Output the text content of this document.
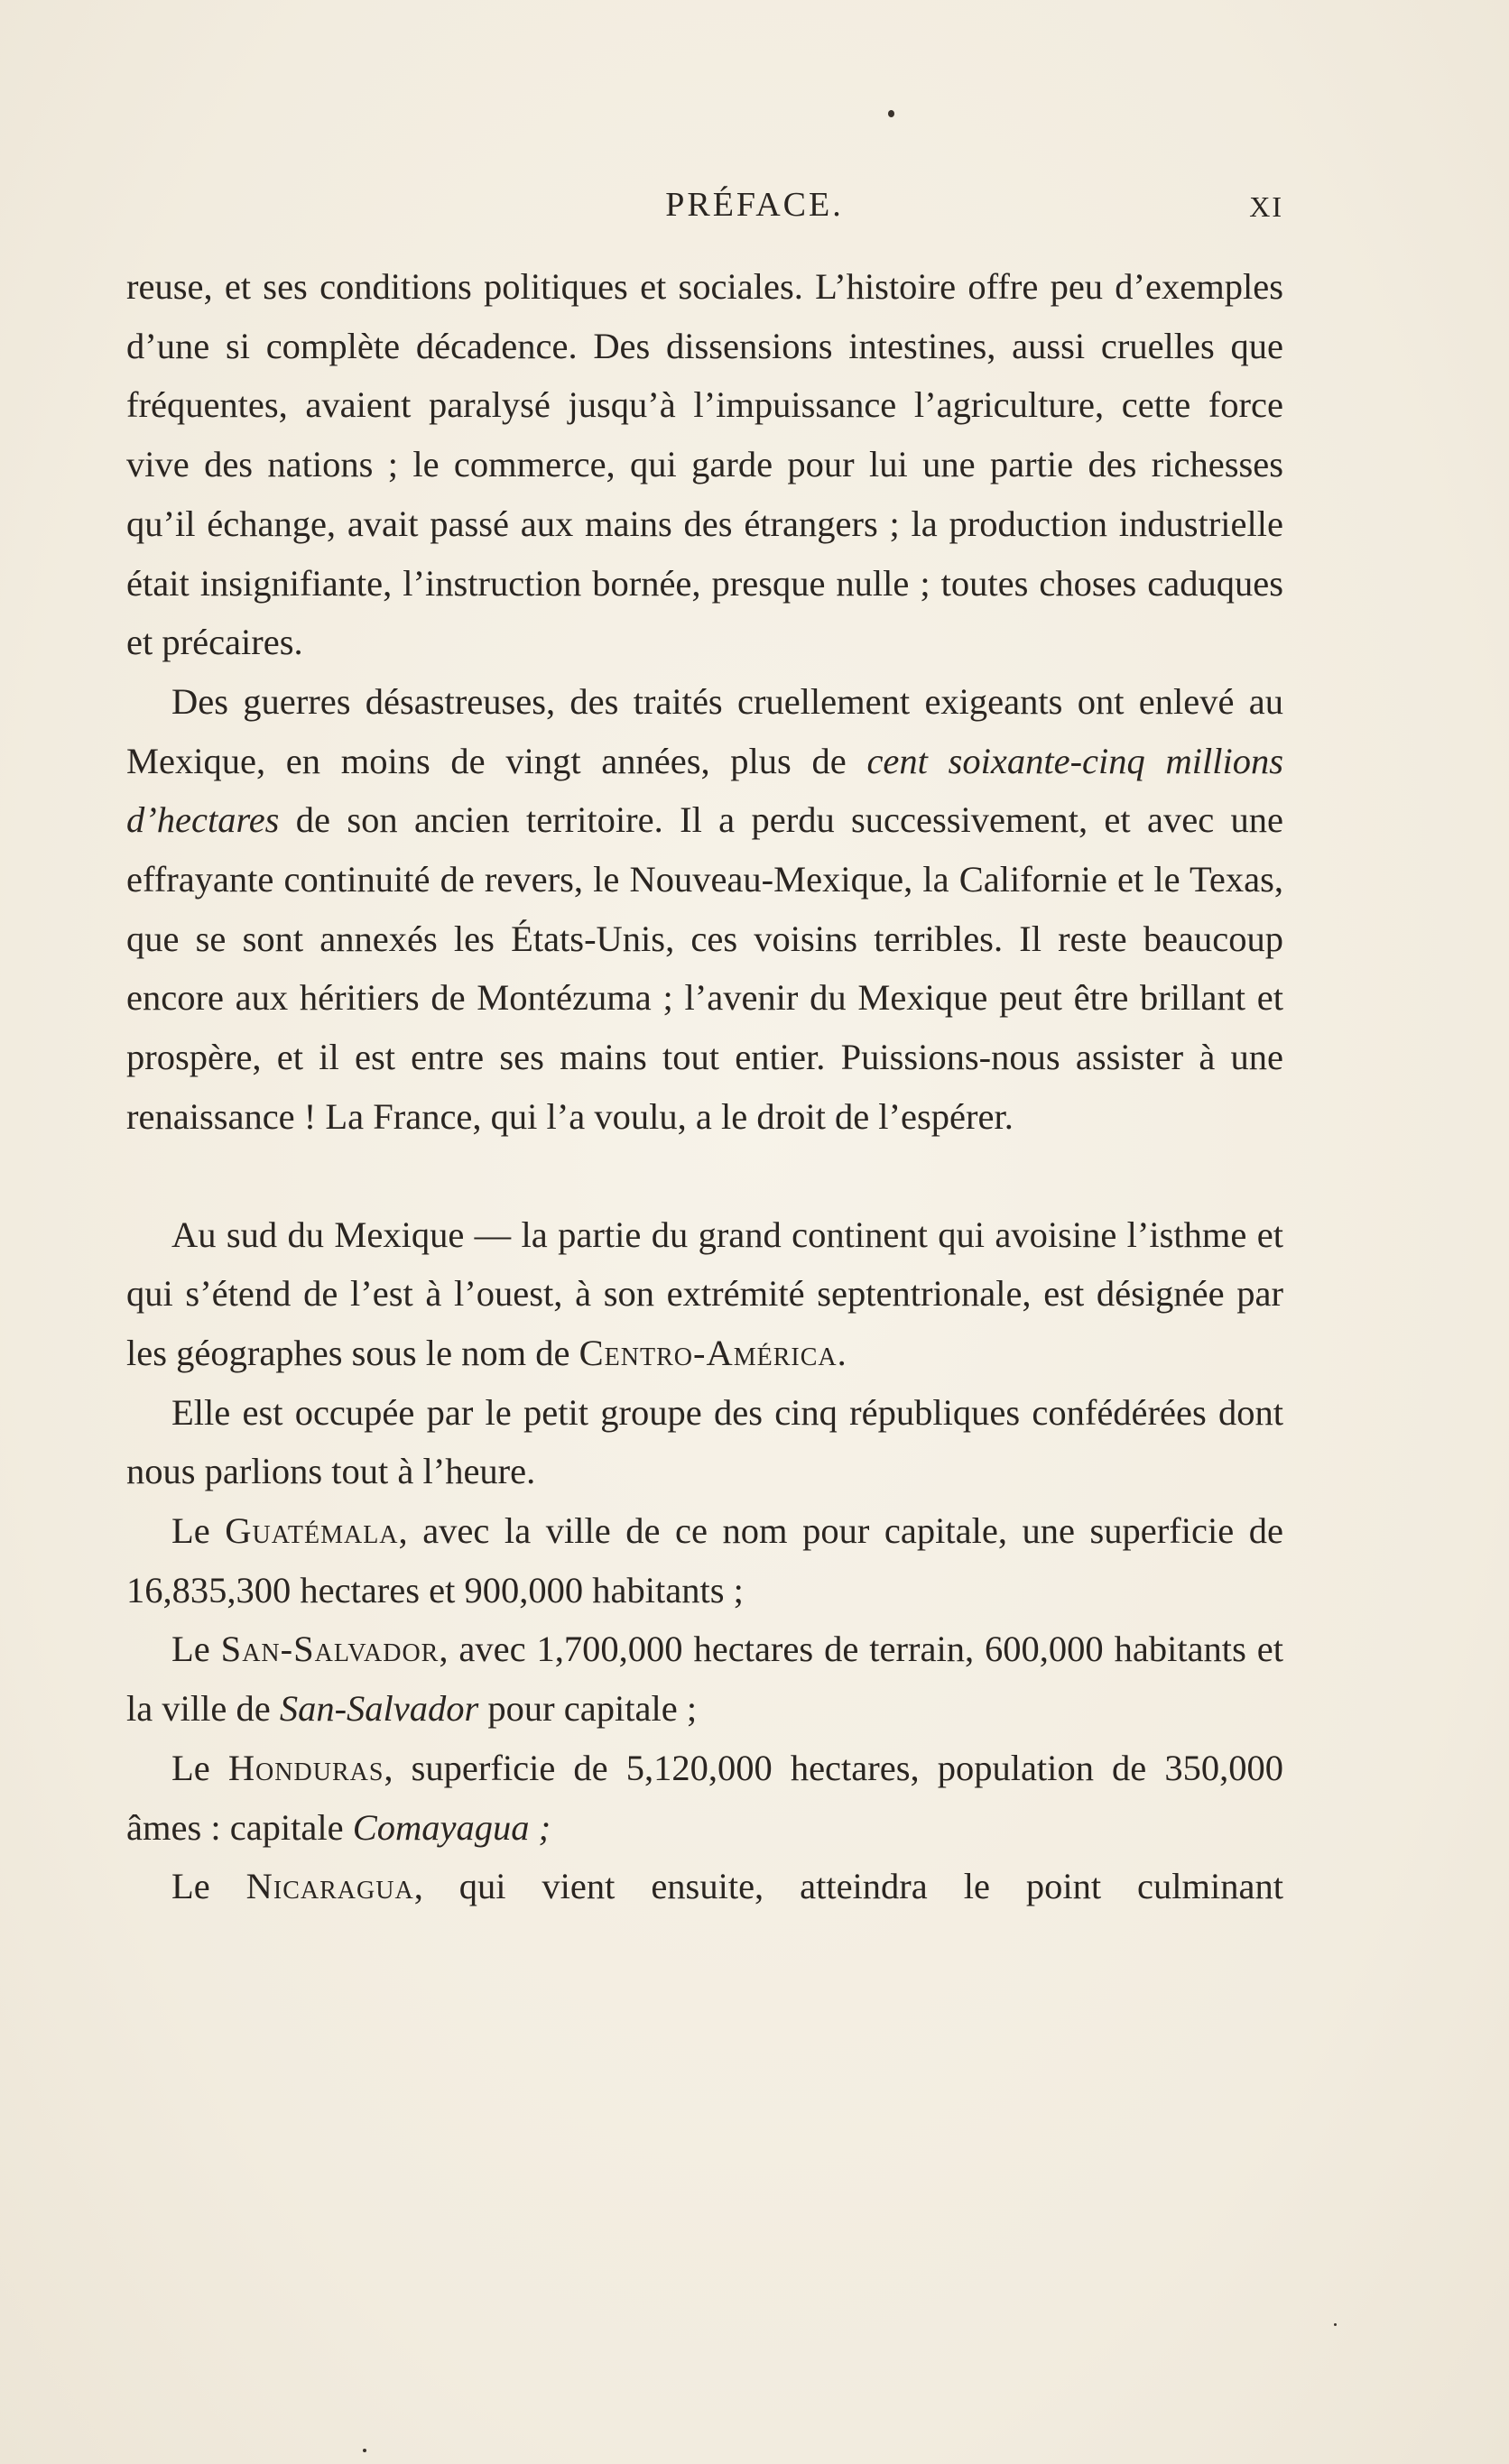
PRÉFACE.	XI

reuse, et ses conditions politiques et sociales. L’histoire offre peu d’exemples d’une si complète décadence. Des dissensions intestines, aussi cruelles que fréquentes, avaient paralysé jusqu’à l’impuissance l’agriculture, cette force vive des nations ; le commerce, qui garde pour lui une partie des richesses qu’il échange, avait passé aux mains des étrangers ; la production industrielle était insignifiante, l’instruction bornée, presque nulle ; toutes choses caduques et précaires.

Des guerres désastreuses, des traités cruellement exigeants ont enlevé au Mexique, en moins de vingt années, plus de cent soixante-cinq millions d’hectares de son ancien territoire. Il a perdu successivement, et avec une effrayante continuité de revers, le Nouveau-Mexique, la Californie et le Texas, que se sont annexés les États-Unis, ces voisins terribles. Il reste beaucoup encore aux héritiers de Montézuma ; l’avenir du Mexique peut être brillant et prospère, et il est entre ses mains tout entier. Puissions-nous assister à une renaissance ! La France, qui l’a voulu, a le droit de l’espérer.

Au sud du Mexique — la partie du grand continent qui avoisine l’isthme et qui s’étend de l’est à l’ouest, à son extrémité septentrionale, est désignée par les géographes sous le nom de Centro-América.

Elle est occupée par le petit groupe des cinq républiques confédérées dont nous parlions tout à l’heure.

Le Guatémala, avec la ville de ce nom pour capitale, une superficie de 16,835,300 hectares et 900,000 habitants ;

Le San-Salvador, avec 1,700,000 hectares de terrain, 600,000 habitants et la ville de San-Salvador pour capitale ;

Le Honduras, superficie de 5,120,000 hectares, population de 350,000 âmes : capitale Comayagua ;

Le Nicaragua, qui vient ensuite, atteindra le point culminant
